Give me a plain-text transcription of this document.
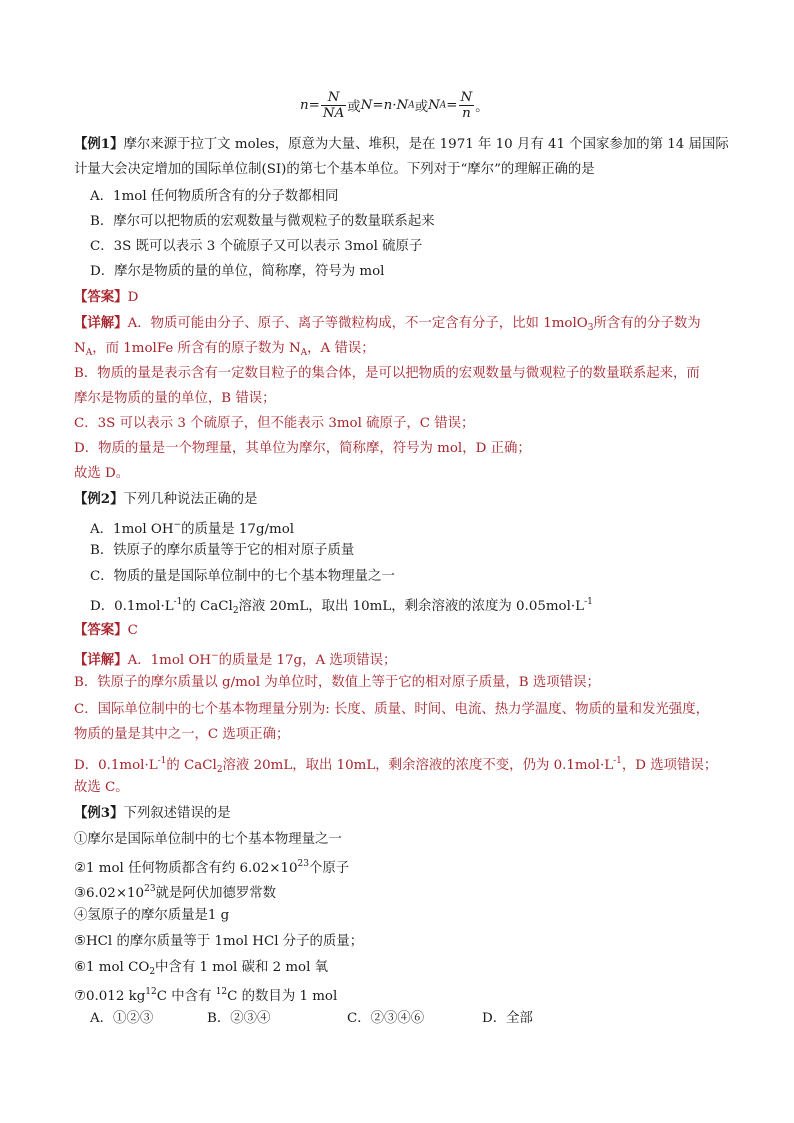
$n= \frac{N}{NA}$ 或N=n·NA或$NA= \frac{N}{n}$ 。
【例1】摩尔来源于拉丁文 moles，原意为大量、堆积，是在 1971 年 10 月有 41 个国家参加的第 14 届国际
计量大会决定增加的国际单位制(SI)的第七个基本单位。下列对于“摩尔”的理解正确的是
A．1mol 任何物质所含有的分子数都相同
B．摩尔可以把物质的宏观数量与微观粒子的数量联系起来
C．3S 既可以表示 3 个硫原子又可以表示 3mol 硫原子
D．摩尔是物质的量的单位，简称摩，符号为 mol
【答案】D
【详解】A．物质可能由分子、原子、离子等微粒构成，不一定含有分子，比如 1molO$_3$所含有的分子数为
$N_A$，而 1molFe 所含有的原子数为 $N_A$，A 错误；
B．物质的量是表示含有一定数目粒子的集合体，是可以把物质的宏观数量与微观粒子的数量联系起来，而
摩尔是物质的量的单位，B 错误；
C．3S 可以表示 3 个硫原子，但不能表示 3mol 硫原子，C 错误；
D．物质的量是一个物理量，其单位为摩尔，简称摩，符号为 mol，D 正确；
故选 D。
【例2】下列几种说法正确的是
A．1mol OH−的质量是 17g/mol
B．铁原子的摩尔质量等于它的相对原子质量
C．物质的量是国际单位制中的七个基本物理量之一
D．$0.1mol\cdot L^{-1}$的 CaCl$_2$溶液 20mL，取出 10mL，剩余溶液的浓度为 $0.05mol\cdot L^{-1}$
【答案】C
【详解】A．1mol OH−的质量是 17g，A 选项错误；
B．铁原子的摩尔质量以 g/mol 为单位时，数值上等于它的相对原子质量，B 选项错误；
C．国际单位制中的七个基本物理量分别为: 长度、质量、时间、电流、热力学温度、物质的量和发光强度，
物质的量是其中之一，C 选项正确；
D．$0.1mol\cdot L^{-1}$的 CaCl$_2$溶液 20mL，取出 10mL，剩余溶液的浓度不变，仍为 $0.1mol\cdot L^{-1}$，D 选项错误；
故选 C。
【例3】下列叙述错误的是
①摩尔是国际单位制中的七个基本物理量之一
②1 mol 任何物质都含有约 $6.02\times 10^{23}$个原子
$③6.02\times 10^{23}$就是阿伏加德罗常数
④氢原子的摩尔质量是1 g
⑤HCl 的摩尔质量等于 1mol HCl 分子的质量；
⑥1 mol $CO_2$中含有 1 mol 碳和 2 mol 氧
⑦0.012 $kg^{12}C$ 中含有 $^{12}$C 的数目为 1 mol
A．①②③	B．②③④	C．②③④⑥	D．全部
